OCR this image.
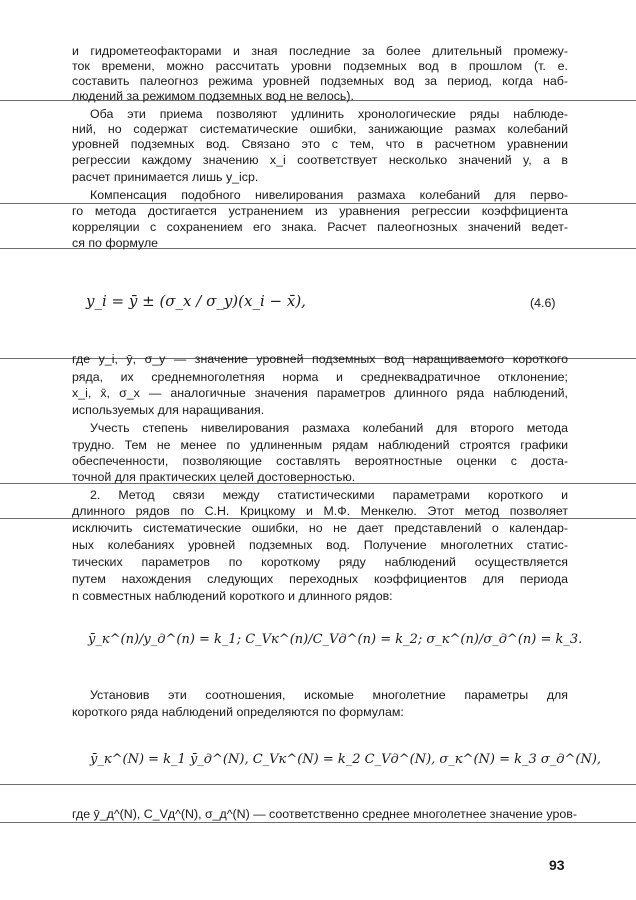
и гидрометеофакторами и зная последние за более длительный промежу-
ток времени, можно рассчитать уровни подземных вод в прошлом (т. е.
составить палеогноз режима уровней подземных вод за период, когда наб-
людений за режимом подземных вод не велось).
Оба эти приема позволяют удлинить хронологические ряды наблюде-
ний, но содержат систематические ошибки, занижающие размах колебаний
уровней подземных вод. Связано это с тем, что в расчетном уравнении
регрессии каждому значению x_i соответствует несколько значений y, а в
расчет принимается лишь y_iср.
Компенсация подобного нивелирования размаха колебаний для перво-
го метода достигается устранением из уравнения регрессии коэффициента
корреляции с сохранением его знака. Расчет палеогнозных значений ведет-
ся по формуле
y_i = ȳ ± (σ_x / σ_y)(x_i − x̄),	(4.6)
где y_i, ȳ, σ_y — значение уровней подземных вод наращиваемого короткого
ряда, их среднемноголетняя норма и среднеквадратичное отклонение;
x_i, x̄, σ_x — аналогичные значения параметров длинного ряда наблюдений,
используемых для наращивания.
Учесть степень нивелирования размаха колебаний для второго метода
трудно. Тем не менее по удлиненным рядам наблюдений строятся графики
обеспеченности, позволяющие составлять вероятностные оценки с доста-
точной для практических целей достоверностью.
2. Метод связи между статистическими параметрами короткого и
длинного рядов по С.Н. Крицкому и М.Ф. Менкелю. Этот метод позволяет
исключить систематические ошибки, но не дает представлений о календар-
ных колебаниях уровней подземных вод. Получение многолетних статис-
тических параметров по короткому ряду наблюдений осуществляется
путем нахождения следующих переходных коэффициентов для периода
n совместных наблюдений короткого и длинного рядов:
ȳ_к^(n)/y_д^(n) = k_1; C_Vк^(n)/C_Vд^(n) = k_2; σ_к^(n)/σ_д^(n) = k_3.
Установив эти соотношения, искомые многолетние параметры для
короткого ряда наблюдений определяются по формулам:
ȳ_к^(N) = k_1 ȳ_д^(N), C_Vк^(N) = k_2 C_Vд^(N), σ_к^(N) = k_3 σ_д^(N),
где ȳ_д^(N), C_Vд^(N), σ_д^(N) — соответственно среднее многолетнее значение уров-
93
